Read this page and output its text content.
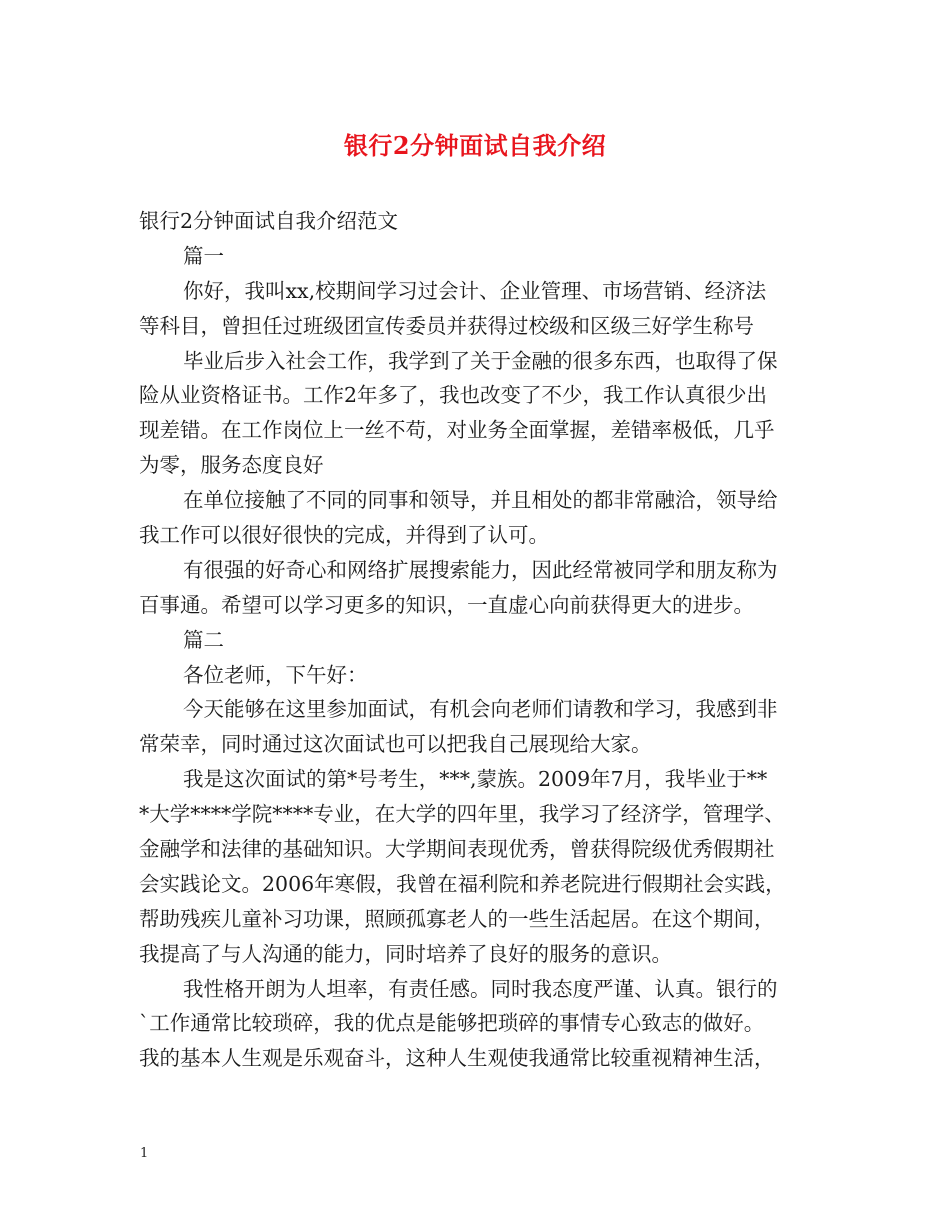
银行2分钟面试自我介绍

银行2分钟面试自我介绍范文

篇一

你好，我叫xx,校期间学习过会计、企业管理、市场营销、经济法

等科目，曾担任过班级团宣传委员并获得过校级和区级三好学生称号

毕业后步入社会工作，我学到了关于金融的很多东西，也取得了保

险从业资格证书。工作2年多了，我也改变了不少，我工作认真很少出

现差错。在工作岗位上一丝不苟，对业务全面掌握，差错率极低，几乎

为零，服务态度良好

在单位接触了不同的同事和领导，并且相处的都非常融洽，领导给

我工作可以很好很快的完成，并得到了认可。

有很强的好奇心和网络扩展搜索能力，因此经常被同学和朋友称为

百事通。希望可以学习更多的知识，一直虚心向前获得更大的进步。

篇二

各位老师，下午好：

今天能够在这里参加面试，有机会向老师们请教和学习，我感到非

常荣幸，同时通过这次面试也可以把我自己展现给大家。

我是这次面试的第*号考生，***,蒙族。2009年7月，我毕业于**

*大学****学院****专业，在大学的四年里，我学习了经济学，管理学、

金融学和法律的基础知识。大学期间表现优秀，曾获得院级优秀假期社

会实践论文。2006年寒假，我曾在福利院和养老院进行假期社会实践，

帮助残疾儿童补习功课，照顾孤寡老人的一些生活起居。在这个期间，

我提高了与人沟通的能力，同时培养了良好的服务的意识。

我性格开朗为人坦率，有责任感。同时我态度严谨、认真。银行的

`工作通常比较琐碎，我的优点是能够把琐碎的事情专心致志的做好。

我的基本人生观是乐观奋斗，这种人生观使我通常比较重视精神生活，

1
